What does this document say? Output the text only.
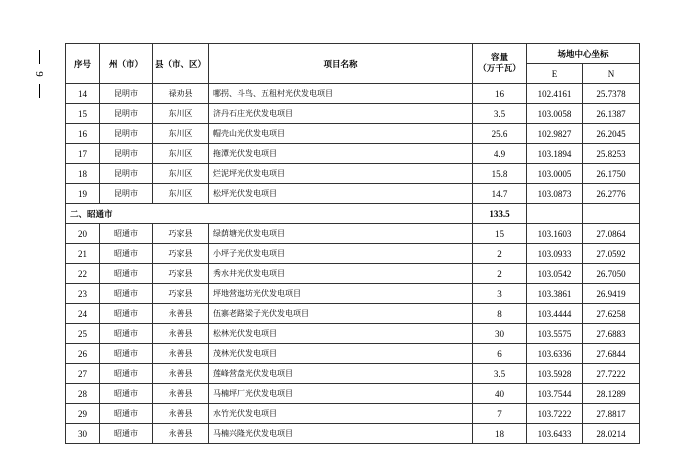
9
序号	州（市）	县（市、区）	项目名称	容量
（万千瓦）	场地中心坐标	
					E	N
14	昆明市	禄劝县	哪拐、斗鸟、五租村光伏发电项目	16	102.4161	25.7378
15	昆明市	东川区	济丹石庄光伏发电项目	3.5	103.0058	26.1387
16	昆明市	东川区	帽壳山光伏发电项目	25.6	102.9827	26.2045
17	昆明市	东川区	拖潭光伏发电项目	4.9	103.1894	25.8253
18	昆明市	东川区	烂泥坪光伏发电项目	15.8	103.0005	26.1750
19	昆明市	东川区	松坪光伏发电项目	14.7	103.0873	26.2776
二、昭通市				133.5		
20	昭通市	巧家县	绿荫塘光伏发电项目	15	103.1603	27.0864
21	昭通市	巧家县	小坪子光伏发电项目	2	103.0933	27.0592
22	昭通市	巧家县	秀水井光伏发电项目	2	103.0542	26.7050
23	昭通市	巧家县	坪地营迤坊光伏发电项目	3	103.3861	26.9419
24	昭通市	永善县	伍寨老路梁子光伏发电项目	8	103.4444	27.6258
25	昭通市	永善县	松林光伏发电项目	30	103.5575	27.6883
26	昭通市	永善县	茂林光伏发电项目	6	103.6336	27.6844
27	昭通市	永善县	莲峰营盘光伏发电项目	3.5	103.5928	27.7222
28	昭通市	永善县	马楠坪厂光伏发电项目	40	103.7544	28.1289
29	昭通市	永善县	水竹光伏发电项目	7	103.7222	27.8817
30	昭通市	永善县	马楠兴隆光伏发电项目	18	103.6433	28.0214
